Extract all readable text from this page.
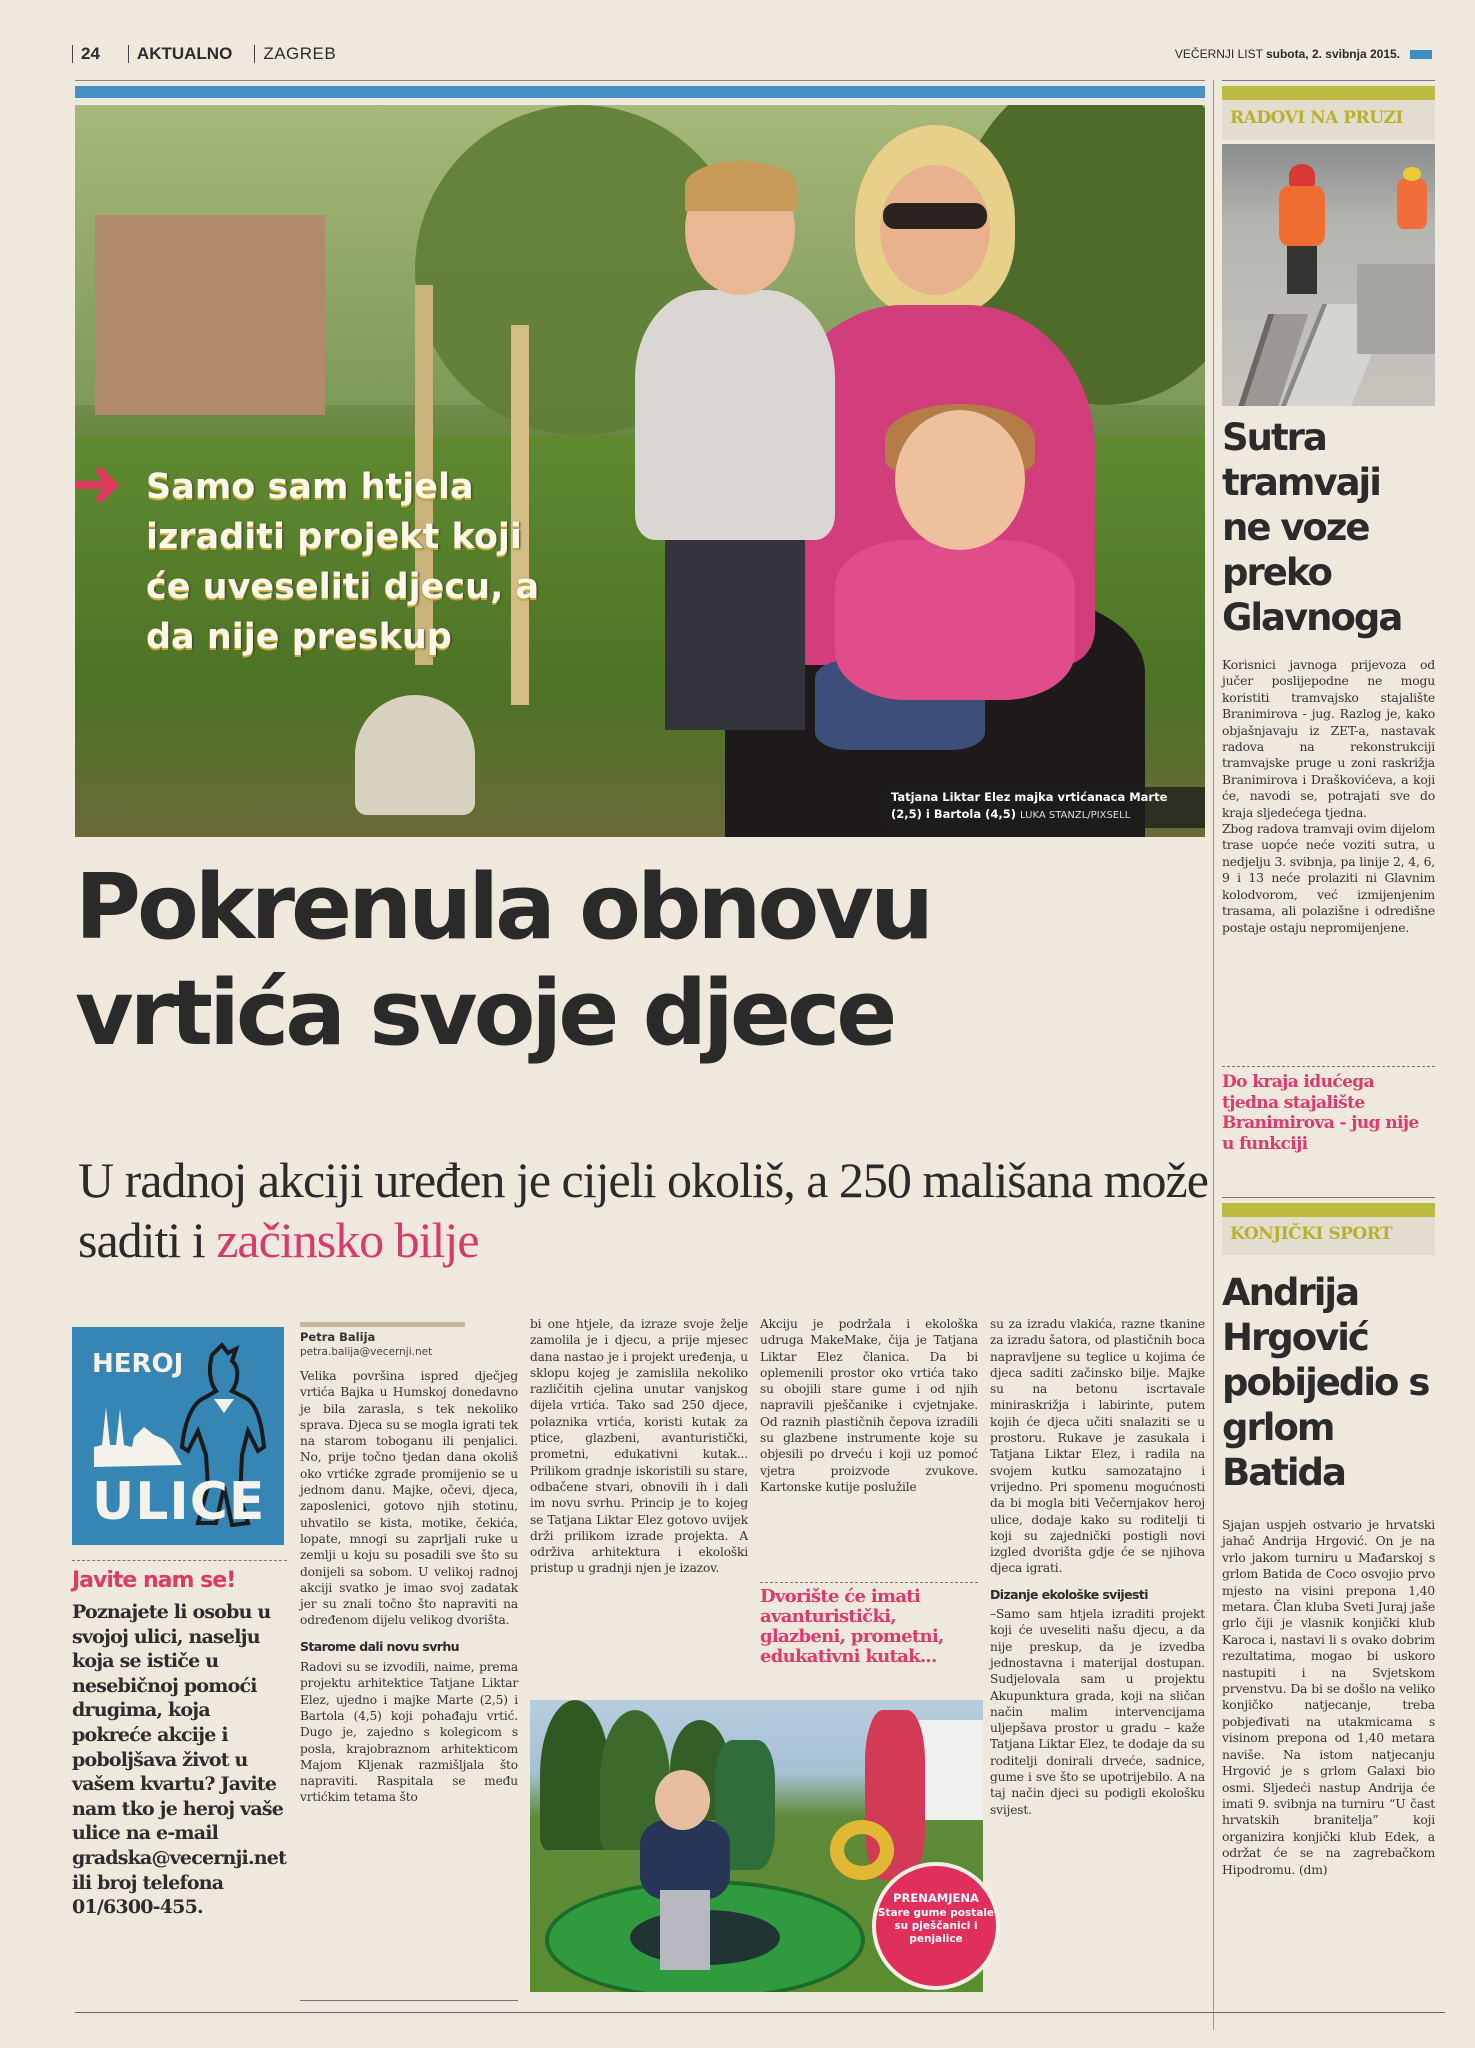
24 AKTUALNO ZAGREB	VEČERNJI LIST subota, 2. svibnja 2015.
Samo sam htjela izraditi projekt koji će uveseliti djecu, a da nije preskup
Tatjana Liktar Elez majka vrtićanaca Marte (2,5) i Bartola (4,5) LUKA STANZL/PIXSELL
Pokrenula obnovu
vrtića svoje djece
U radnoj akciji uređen je cijeli okoliš, a 250 mališana može saditi i začinsko bilje
HEROJ
ULICE
Javite nam se!
Poznajete li osobu u svojoj ulici, naselju koja se ističe u nesebičnoj pomoći drugima, koja pokreće akcije i poboljšava život u vašem kvartu? Javite nam tko je heroj vaše ulice na e-mail gradska@vecernji.net ili broj telefona 01/6300-455.
Petra Balija
petra.balija@vecernji.net

Velika površina ispred dječjeg vrtića Bajka u Humskoj donedavno je bila zarasla, s tek nekoliko sprava. Djeca su se mogla igrati tek na starom toboganu ili penjalici. No, prije točno tjedan dana okoliš oko vrtićke zgrade promijenio se u jednom danu. Majke, očevi, djeca, zaposlenici, gotovo njih stotinu, uhvatilo se kista, motike, čekića, lopate, mnogi su zaprljali ruke u zemlji u koju su posadili sve što su donijeli sa sobom. U velikoj radnoj akciji svatko je imao svoj zadatak jer su znali točno što napraviti na određenom dijelu velikog dvorišta.

Starome dali novu svrhu

Radovi su se izvodili, naime, prema projektu arhitektice Tatjane Liktar Elez, ujedno i majke Marte (2,5) i Bartola (4,5) koji pohađaju vrtić. Dugo je, zajedno s kolegicom s posla, krajobraznom arhitekticom Majom Kljenak razmišljala što napraviti. Raspitala se među vrtićkim tetama što

bi one htjele, da izraze svoje želje zamolila je i djecu, a prije mjesec dana nastao je i projekt uređenja, u sklopu kojeg je zamislila nekoliko različitih cjelina unutar vanjskog dijela vrtića. Tako sad 250 djece, polaznika vrtića, koristi kutak za ptice, glazbeni, avanturistički, prometni, edukativni kutak... Prilikom gradnje iskoristili su stare, odbačene stvari, obnovili ih i dali im novu svrhu. Princip je to kojeg se Tatjana Liktar Elez gotovo uvijek drži prilikom izrade projekta. A održiva arhitektura i ekološki pristup u gradnji njen je izazov.

Akciju je podržala i ekološka udruga MakeMake, čija je Tatjana Liktar Elez članica. Da bi oplemenili prostor oko vrtića tako su obojili stare gume i od njih napravili pješčanike i cvjetnjake. Od raznih plastičnih čepova izradili su glazbene instrumente koje su objesili po drveću i koji uz pomoć vjetra proizvode zvukove. Kartonske kutije poslužile

Dvorište će imati avanturistički, glazbeni, prometni, edukativni kutak...

su za izradu vlakića, razne tkanine za izradu šatora, od plastičnih boca napravljene su teglice u kojima će djeca saditi začinsko bilje. Majke su na betonu iscrtavale miniraskrižja i labirinte, putem kojih će djeca učiti snalaziti se u prostoru. Rukave je zasukala i Tatjana Liktar Elez, i radila na svojem kutku samozatajno i vrijedno. Pri spomenu mogućnosti da bi mogla biti Večernjakov heroj ulice, dodaje kako su roditelji ti koji su zajednički postigli novi izgled dvorišta gdje će se njihova djeca igrati.

Dizanje ekološke svijesti

–Samo sam htjela izraditi projekt koji će uveseliti našu djecu, a da nije preskup, da je izvedba jednostavna i materijal dostupan. Sudjelovala sam u projektu Akupunktura grada, koji na sličan način malim intervencijama uljepšava prostor u gradu – kaže Tatjana Liktar Elez, te dodaje da su roditelji donirali drveće, sadnice, gume i sve što se upotrijebilo. A na taj način djeci su podigli ekološku svijest.

PRENAMJENA
Stare gume postale su pješčanici i penjalice
RADOVI NA PRUZI
Sutra tramvaji ne voze preko Glavnoga

Korisnici javnoga prijevoza od jučer poslijepodne ne mogu koristiti tramvajsko stajalište Branimirova - jug. Razlog je, kako objašnjavaju iz ZET-a, nastavak radova na rekonstrukciji tramvajske pruge u zoni raskrižja Branimirova i Draškovićeva, a koji će, navodi se, potrajati sve do kraja sljedećega tjedna.

Zbog radova tramvaji ovim dijelom trase uopće neće voziti sutra, u nedjelju 3. svibnja, pa linije 2, 4, 6, 9 i 13 neće prolaziti ni Glavnim kolodvorom, već izmijenjenim trasama, ali polazišne i odredišne postaje ostaju nepromijenjene.

Do kraja idućega tjedna stajalište Branimirova - jug nije u funkciji
KONJIČKI SPORT
Andrija Hrgović pobijedio s grlom Batida

Sjajan uspjeh ostvario je hrvatski jahač Andrija Hrgović. On je na vrlo jakom turniru u Mađarskoj s grlom Batida de Coco osvojio prvo mjesto na visini prepona 1,40 metara. Član kluba Sveti Juraj jaše grlo čiji je vlasnik konjički klub Karoca i, nastavi li s ovako dobrim rezultatima, mogao bi uskoro nastupiti i na Svjetskom prvenstvu. Da bi se došlo na veliko konjičko natjecanje, treba pobjeđivati na utakmicama s visinom prepona od 1,40 metara naviše. Na istom natjecanju Hrgović je s grlom Galaxi bio osmi. Sljedeći nastup Andrija će imati 9. svibnja na turniru “U čast hrvatskih branitelja” koji organizira konjički klub Edek, a održat će se na zagrebačkom Hipodromu. (dm)
